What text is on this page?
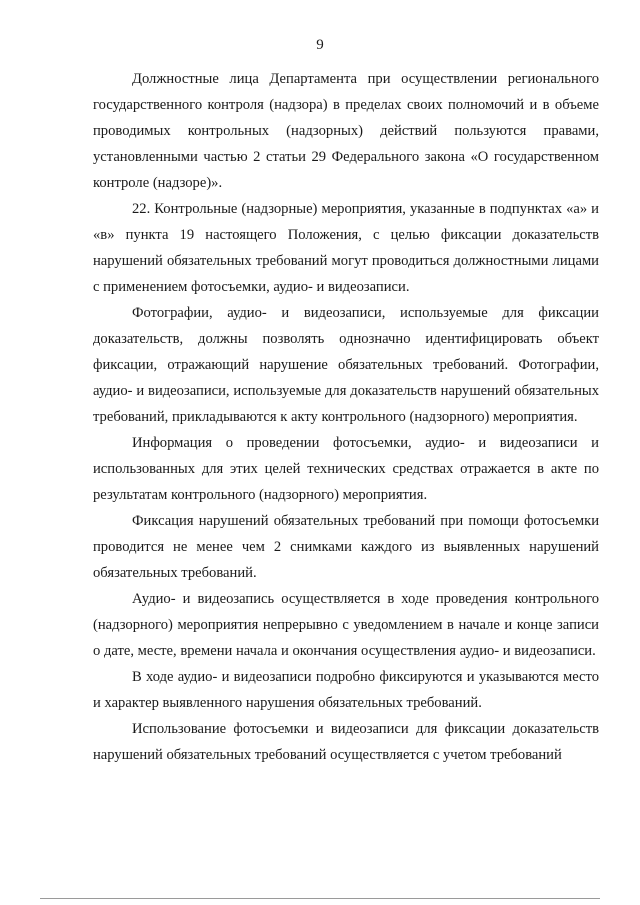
9

Должностные лица Департамента при осуществлении регионального государственного контроля (надзора) в пределах своих полномочий и в объеме проводимых контрольных (надзорных) действий пользуются правами, установленными частью 2 статьи 29 Федерального закона «О государственном контроле (надзоре)».

22. Контрольные (надзорные) мероприятия, указанные в подпунктах «а» и «в» пункта 19 настоящего Положения, с целью фиксации доказательств нарушений обязательных требований могут проводиться должностными лицами с применением фотосъемки, аудио- и видеозаписи.

Фотографии, аудио- и видеозаписи, используемые для фиксации доказательств, должны позволять однозначно идентифицировать объект фиксации, отражающий нарушение обязательных требований. Фотографии, аудио- и видеозаписи, используемые для доказательств нарушений обязательных требований, прикладываются к акту контрольного (надзорного) мероприятия.

Информация о проведении фотосъемки, аудио- и видеозаписи и использованных для этих целей технических средствах отражается в акте по результатам контрольного (надзорного) мероприятия.

Фиксация нарушений обязательных требований при помощи фотосъемки проводится не менее чем 2 снимками каждого из выявленных нарушений обязательных требований.

Аудио- и видеозапись осуществляется в ходе проведения контрольного (надзорного) мероприятия непрерывно с уведомлением в начале и конце записи о дате, месте, времени начала и окончания осуществления аудио- и видеозаписи.

В ходе аудио- и видеозаписи подробно фиксируются и указываются место и характер выявленного нарушения обязательных требований.

Использование фотосъемки и видеозаписи для фиксации доказательств нарушений обязательных требований осуществляется с учетом требований
